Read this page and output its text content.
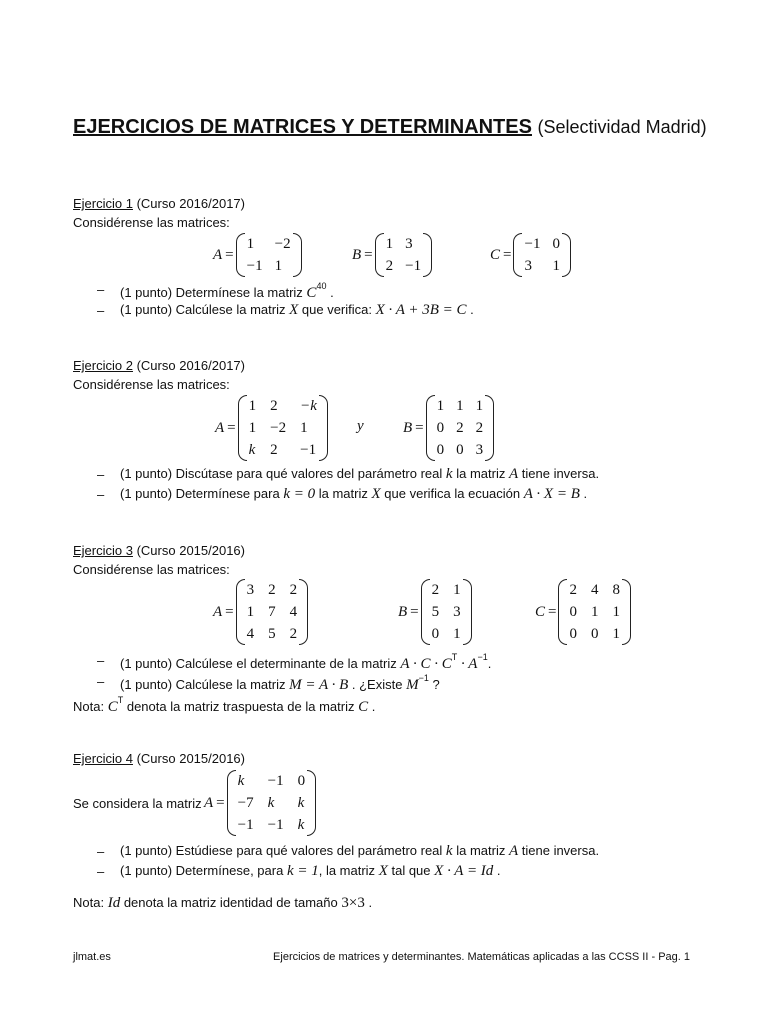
EJERCICIOS DE MATRICES Y DETERMINANTES (Selectividad Madrid)
Ejercicio 1 (Curso 2016/2017)
Considérense las matrices:
A =
1	−2
−1 1
B =
1 3
2 −1
C =
−1 0
3	1
– (1 punto) Determínese la matriz $C^{40}$ .
– (1 punto) Calcúlese la matriz X que verifica: X · A + 3B = C .
Ejercicio 2 (Curso 2016/2017)
Considérense las matrices:
A =
1 2	−k
1 −2 1
k 2	−1
y	B =
1 1 1
0 2 2
0 0 3
– (1 punto) Discútase para qué valores del parámetro real k la matriz A tiene inversa.
– (1 punto) Determínese para k = 0 la matriz X que verifica la ecuación A · X = B .
Ejercicio 3 (Curso 2015/2016)
Considérense las matrices:
A =
3 2 2
1 7 4
4 5 2
B =
2 1
5 3
0 1
C =
2 4 8
0 1 1
0 0 1
– (1 punto) Calcúlese el determinante de la matriz $A \cdot C \cdot C^T \cdot A^{-1}$.
– (1 punto) Calcúlese la matriz M = A · B . ¿Existe $M^{-1}$ ?
Nota: $C^T$ denota la matriz traspuesta de la matriz C .
Ejercicio 4 (Curso 2015/2016)
Se considera la matriz A =
k	−1 0
−7 k	k
−1 −1 k
– (1 punto) Estúdiese para qué valores del parámetro real k la matriz A tiene inversa.
– (1 punto) Determínese, para k = 1, la matriz X tal que X · A = Id .
Nota: Id denota la matriz identidad de tamaño 3×3 .
jlmat.es	Ejercicios de matrices y determinantes. Matemáticas aplicadas a las CCSS II - Pag. 1
